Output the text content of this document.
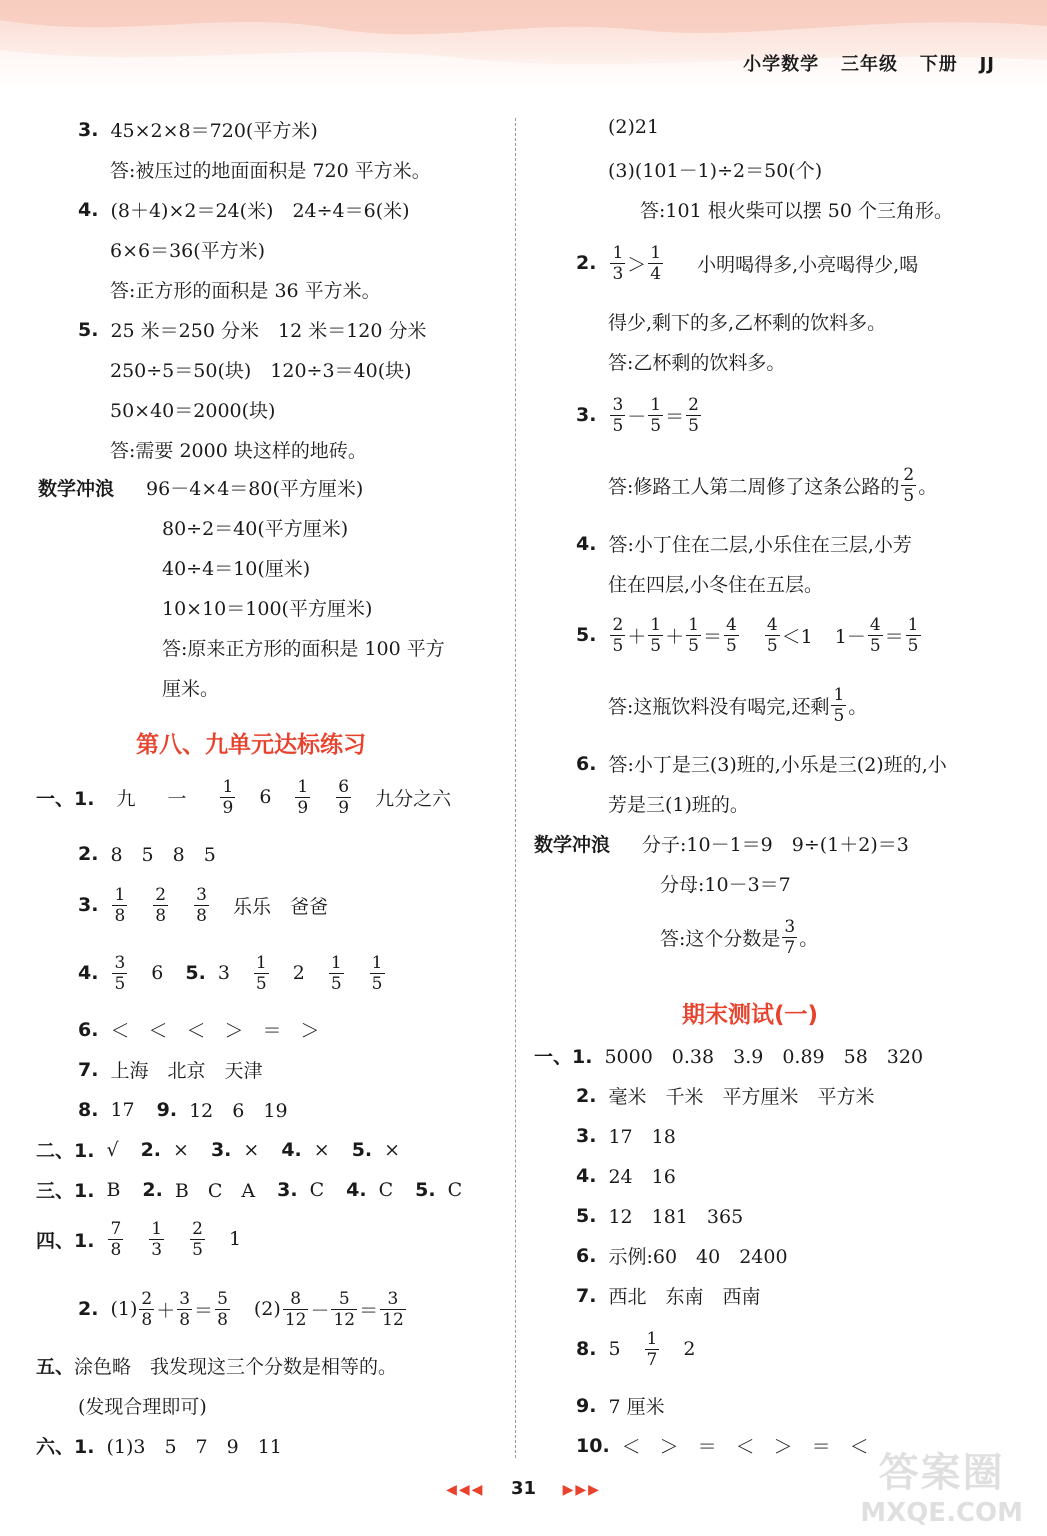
小学数学 三年级 下册 JJ
3. 45×2×8＝720(平方米)
答:被压过的地面面积是 720 平方米。
4. (8＋4)×2＝24(米)　24÷4＝6(米)
6×6＝36(平方米)
答:正方形的面积是 36 平方米。
5. 25 米＝250 分米　12 米＝120 分米
250÷5＝50(块)　120÷3＝40(块)
50×40＝2000(块)
答:需要 2000 块这样的地砖。
数学冲浪 96－4×4＝80(平方厘米)
80÷2＝40(平方厘米)
40÷4＝10(厘米)
10×10＝100(平方厘米)
答:原来正方形的面积是 100 平方
厘米。
第八、九单元达标练习
一、1. 九 一 $\frac{1}{9} 6 \frac{1}{9} \frac{6}{9}$ 九分之六
2. 8　5　8　5
3. $\frac{1}{8} \frac{2}{8} \frac{3}{8}$ 乐乐　爸爸
4. $\frac{3}{5} 6$ 5. $3 \frac{1}{5} 2 \frac{1}{5} \frac{1}{5}$
6. ＜　＜　＜　＞　＝　＞
7. 上海　北京　天津
8. 17 9. 12　6　19
二、1. √ 2. × 3. × 4. × 5. ×
三、1. B 2. B　C　A 3. C 4. C 5. C
四、1. $\frac{7}{8} \frac{1}{3} \frac{2}{5} 1$
2. $(1) \frac{2}{8} + \frac{3}{8} = \frac{5}{8} (2) \frac{8}{12} - \frac{5}{12} = \frac{3}{12}$
五、 涂色略　我发现这三个分数是相等的。
(发现合理即可)
六、1. (1)3　5　7　9　11
(2)21
(3)(101－1)÷2＝50(个)
答:101 根火柴可以摆 50 个三角形。
2. $\frac{1}{3} > \frac{1}{4}$ 小明喝得多,小亮喝得少,喝
得少,剩下的多,乙杯剩的饮料多。
答:乙杯剩的饮料多。
3. $\frac{3}{5} - \frac{1}{5} = \frac{2}{5}$
答:修路工人第二周修了这条公路的 $\frac{2}{5}$ 。
4. 答:小丁住在二层,小乐住在三层,小芳
住在四层,小冬住在五层。
5. $\frac{2}{5} + \frac{1}{5} + \frac{1}{5} = \frac{4}{5} \frac{4}{5} <1$ $1- \frac{4}{5} = \frac{1}{5}$
答:这瓶饮料没有喝完,还剩 $\frac{1}{5}$ 。
6. 答:小丁是三(3)班的,小乐是三(2)班的,小
芳是三(1)班的。
数学冲浪 分子:10－1＝9　9÷(1＋2)＝3
分母:10－3＝7
答:这个分数是 $\frac{3}{7}$ 。
期末测试(一)
一、1. 5000　0.38　3.9　0.89　58　320
2. 毫米　千米　平方厘米　平方米
3. 17　18
4. 24　16
5. 12　181　365
6. 示例:60　40　2400
7. 西北　东南　西南
8. $5 \frac{1}{7} 2$
9. 7 厘米
10. ＜　＞　＝　＜　＞　＝　＜
◀◀◀ 31 ▶▶▶	答案圈
MXQE.COM
